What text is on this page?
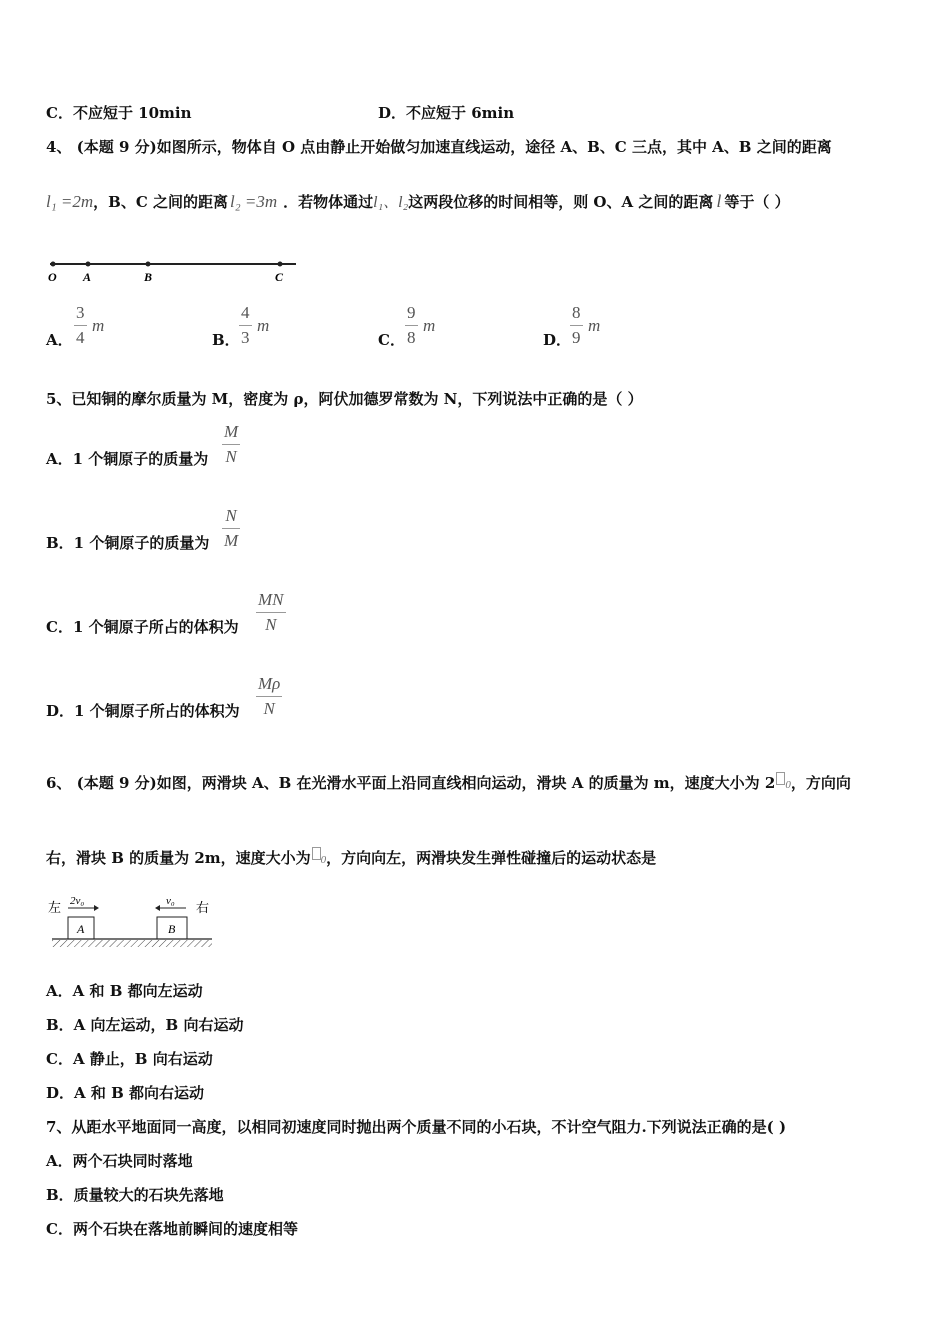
C．不应短于 10min	D．不应短于 6min
4、 (本题 9 分)如图所示，物体自 O 点由静止开始做匀加速直线运动，途径 A、B、C 三点，其中 A、B 之间的距离
l₁ =2m，B、C 之间的距离 l₂ =3m ．若物体通过l₁、l₂这两段位移的时间相等，则 O、A 之间的距离 l 等于（ ）
O A	B	C
A．
3
4
m
B．
4
3
m
C．
9
8
m
D．
8
9
m
5、已知铜的摩尔质量为 M，密度为 ρ，阿伏加德罗常数为 N，下列说法中正确的是（ ）
A．1 个铜原子的质量为
M
N
B．1 个铜原子的质量为
N
M
C．1 个铜原子所占的体积为
MN
N
D．1 个铜原子所占的体积为
Mρ
N
6、 (本题 9 分)如图，两滑块 A、B 在光滑水平面上沿同直线相向运动，滑块 A 的质量为 m，速度大小为 2 0，方向向
右，滑块 B 的质量为 2m，速度大小为 0，方向向左，两滑块发生弹性碰撞后的运动状态是
左	右
2v₀	v₀
A	B
A．A 和 B 都向左运动
B．A 向左运动，B 向右运动
C．A 静止，B 向右运动
D．A 和 B 都向右运动
7、从距水平地面同一高度，以相同初速度同时抛出两个质量不同的小石块，不计空气阻力.下列说法正确的是( )
A．两个石块同时落地
B．质量较大的石块先落地
C．两个石块在落地前瞬间的速度相等
